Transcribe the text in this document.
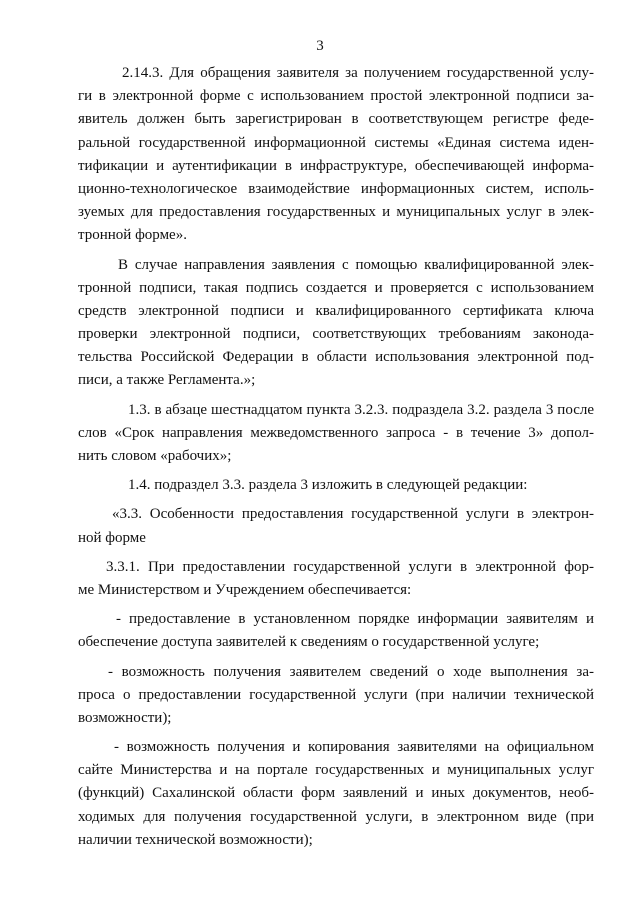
3
2.14.3. Для обращения заявителя за получением государственной услу-
ги в электронной форме с использованием простой электронной подписи за-
явитель должен быть зарегистрирован в соответствующем регистре феде-
ральной государственной информационной системы «Единая система иден-
тификации и аутентификации в инфраструктуре, обеспечивающей информа-
ционно-технологическое взаимодействие информационных систем, исполь-
зуемых для предоставления государственных и муниципальных услуг в элек-
тронной форме».
В случае направления заявления с помощью квалифицированной элек-
тронной подписи, такая подпись создается и проверяется с использованием
средств электронной подписи и квалифицированного сертификата ключа
проверки электронной подписи, соответствующих требованиям законода-
тельства Российской Федерации в области использования электронной под-
писи, а также Регламента.»;
1.3. в абзаце шестнадцатом пункта 3.2.3. подраздела 3.2. раздела 3 после
слов «Срок направления межведомственного запроса - в течение 3» допол-
нить словом «рабочих»;
1.4. подраздел 3.3. раздела 3 изложить в следующей редакции:
«3.3. Особенности предоставления государственной услуги в электрон-
ной форме
3.3.1. При предоставлении государственной услуги в электронной фор-
ме Министерством и Учреждением обеспечивается:
- предоставление в установленном порядке информации заявителям и
обеспечение доступа заявителей к сведениям о государственной услуге;
- возможность получения заявителем сведений о ходе выполнения за-
проса о предоставлении государственной услуги (при наличии технической
возможности);
- возможность получения и копирования заявителями на официальном
сайте Министерства и на портале государственных и муниципальных услуг
(функций) Сахалинской области форм заявлений и иных документов, необ-
ходимых для получения государственной услуги, в электронном виде (при
наличии технической возможности);
